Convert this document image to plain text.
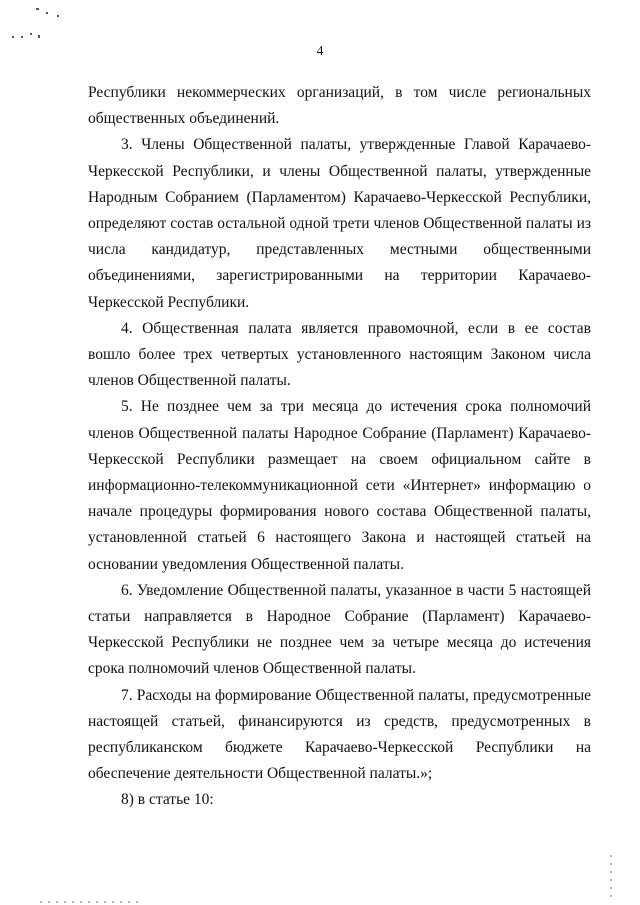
4

Республики некоммерческих организаций, в том числе региональных общественных объединений.

3. Члены Общественной палаты, утвержденные Главой Карачаево-Черкесской Республики, и члены Общественной палаты, утвержденные Народным Собранием (Парламентом) Карачаево-Черкесской Республики, определяют состав остальной одной трети членов Общественной палаты из числа кандидатур, представленных местными общественными объединениями, зарегистрированными на территории Карачаево-Черкесской Республики.

4. Общественная палата является правомочной, если в ее состав вошло более трех четвертых установленного настоящим Законом числа членов Общественной палаты.

5. Не позднее чем за три месяца до истечения срока полномочий членов Общественной палаты Народное Собрание (Парламент) Карачаево-Черкесской Республики размещает на своем официальном сайте в информационно-телекоммуникационной сети «Интернет» информацию о начале процедуры формирования нового состава Общественной палаты, установленной статьей 6 настоящего Закона и настоящей статьей на основании уведомления Общественной палаты.

6. Уведомление Общественной палаты, указанное в части 5 настоящей статьи направляется в Народное Собрание (Парламент) Карачаево-Черкесской Республики не позднее чем за четыре месяца до истечения срока полномочий членов Общественной палаты.

7. Расходы на формирование Общественной палаты, предусмотренные настоящей статьей, финансируются из средств, предусмотренных в республиканском бюджете Карачаево-Черкесской Республики на обеспечение деятельности Общественной палаты.»;

8) в статье 10:
